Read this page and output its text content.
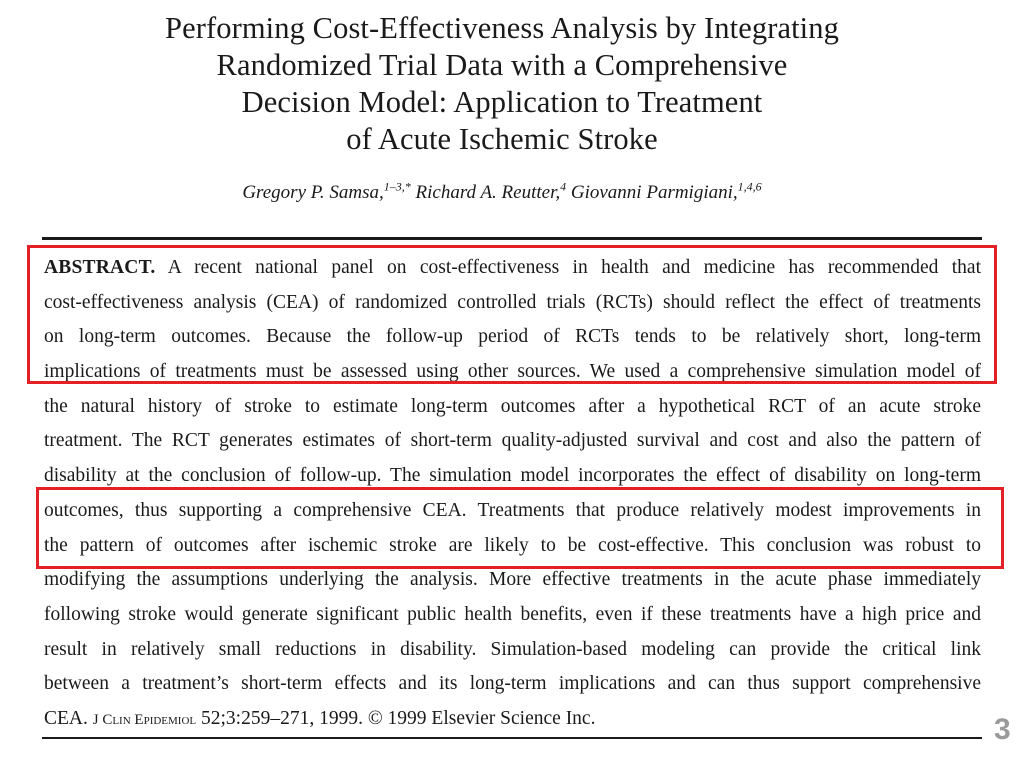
Performing Cost-Effectiveness Analysis by Integrating
Randomized Trial Data with a Comprehensive
Decision Model: Application to Treatment
of Acute Ischemic Stroke
Gregory P. Samsa,$^{1-3,*}$ Richard A. Reutter,$^4$ Giovanni Parmigiani,$^{1,4,6}$
ABSTRACT. A recent national panel on cost-effectiveness in health and medicine has recommended that
cost-effectiveness analysis (CEA) of randomized controlled trials (RCTs) should reflect the effect of treatments
on long-term outcomes. Because the follow-up period of RCTs tends to be relatively short, long-term
implications of treatments must be assessed using other sources. We used a comprehensive simulation model of
the natural history of stroke to estimate long-term outcomes after a hypothetical RCT of an acute stroke
treatment. The RCT generates estimates of short-term quality-adjusted survival and cost and also the pattern of
disability at the conclusion of follow-up. The simulation model incorporates the effect of disability on long-term
outcomes, thus supporting a comprehensive CEA. Treatments that produce relatively modest improvements in
the pattern of outcomes after ischemic stroke are likely to be cost-effective. This conclusion was robust to
modifying the assumptions underlying the analysis. More effective treatments in the acute phase immediately
following stroke would generate significant public health benefits, even if these treatments have a high price and
result in relatively small reductions in disability. Simulation-based modeling can provide the critical link
between a treatment’s short-term effects and its long-term implications and can thus support comprehensive
CEA. J Clin Epidemiol 52;3:259–271, 1999. © 1999 Elsevier Science Inc.	3
